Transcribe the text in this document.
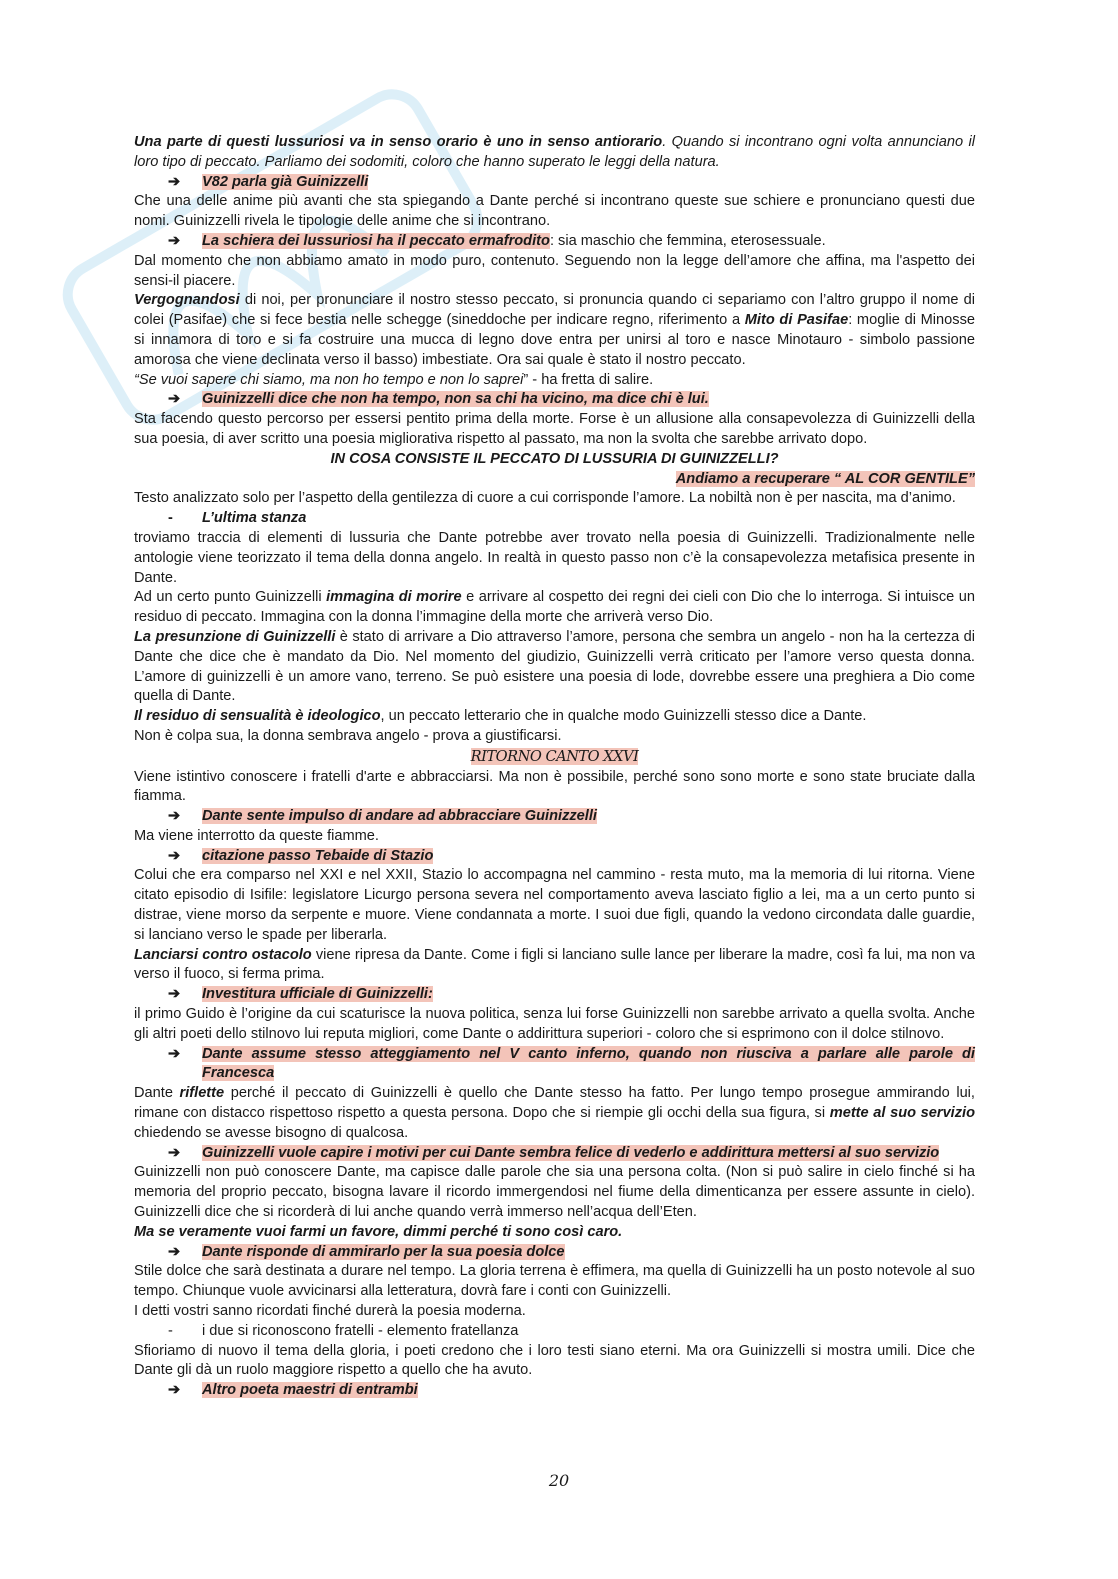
Una parte di questi lussuriosi va in senso orario è uno in senso antiorario. Quando si incontrano ogni volta annunciano il loro tipo di peccato. Parliamo dei sodomiti, coloro che hanno superato le leggi della natura.

➔	V82 parla già Guinizzelli

Che una delle anime più avanti che sta spiegando a Dante perché si incontrano queste sue schiere e pronunciano questi due nomi. Guinizzelli rivela le tipologie delle anime che si incontrano.

➔	La schiera dei lussuriosi ha il peccato ermafrodito: sia maschio che femmina, eterosessuale.

Dal momento che non abbiamo amato in modo puro, contenuto. Seguendo non la legge dell’amore che affina, ma l'aspetto dei sensi-il piacere.

Vergognandosi di noi, per pronunciare il nostro stesso peccato, si pronuncia quando ci separiamo con l’altro gruppo il nome di colei (Pasifae) che si fece bestia nelle schegge (sineddoche per indicare regno, riferimento a Mito di Pasifae: moglie di Minosse si innamora di toro e si fa costruire una mucca di legno dove entra per unirsi al toro e nasce Minotauro - simbolo passione amorosa che viene declinata verso il basso) imbestiate. Ora sai quale è stato il nostro peccato.

“Se vuoi sapere chi siamo, ma non ho tempo e non lo saprei” - ha fretta di salire.

➔	Guinizzelli dice che non ha tempo, non sa chi ha vicino, ma dice chi è lui.

Sta facendo questo percorso per essersi pentito prima della morte. Forse è un allusione alla consapevolezza di Guinizzelli della sua poesia, di aver scritto una poesia migliorativa rispetto al passato, ma non la svolta che sarebbe arrivato dopo.

IN COSA CONSISTE IL PECCATO DI LUSSURIA DI GUINIZZELLI?

Andiamo a recuperare “ AL COR GENTILE”

Testo analizzato solo per l’aspetto della gentilezza di cuore a cui corrisponde l’amore. La nobiltà non è per nascita, ma d’animo.

-	L’ultima stanza

troviamo traccia di elementi di lussuria che Dante potrebbe aver trovato nella poesia di Guinizzelli. Tradizionalmente nelle antologie viene teorizzato il tema della donna angelo. In realtà in questo passo non c’è la consapevolezza metafisica presente in Dante.

Ad un certo punto Guinizzelli immagina di morire e arrivare al cospetto dei regni dei cieli con Dio che lo interroga. Si intuisce un residuo di peccato. Immagina con la donna l’immagine della morte che arriverà verso Dio.

La presunzione di Guinizzelli è stato di arrivare a Dio attraverso l’amore, persona che sembra un angelo - non ha la certezza di Dante che dice che è mandato da Dio. Nel momento del giudizio, Guinizzelli verrà criticato per l’amore verso questa donna. L’amore di guinizzelli è un amore vano, terreno. Se può esistere una poesia di lode, dovrebbe essere una preghiera a Dio come quella di Dante.

Il residuo di sensualità è ideologico, un peccato letterario che in qualche modo Guinizzelli stesso dice a Dante.

Non è colpa sua, la donna sembrava angelo - prova a giustificarsi.

RITORNO CANTO XXVI

Viene istintivo conoscere i fratelli d'arte e abbracciarsi. Ma non è possibile, perché sono sono morte e sono state bruciate dalla fiamma.

➔	Dante sente impulso di andare ad abbracciare Guinizzelli

Ma viene interrotto da queste fiamme.

➔	citazione passo Tebaide di Stazio

Colui che era comparso nel XXI e nel XXII, Stazio lo accompagna nel cammino - resta muto, ma la memoria di lui ritorna. Viene citato episodio di Isifile: legislatore Licurgo persona severa nel comportamento aveva lasciato figlio a lei, ma a un certo punto si distrae, viene morso da serpente e muore. Viene condannata a morte. I suoi due figli, quando la vedono circondata dalle guardie, si lanciano verso le spade per liberarla.

Lanciarsi contro ostacolo viene ripresa da Dante. Come i figli si lanciano sulle lance per liberare la madre, così fa lui, ma non va verso il fuoco, si ferma prima.

➔	Investitura ufficiale di Guinizzelli:

il primo Guido è l’origine da cui scaturisce la nuova politica, senza lui forse Guinizzelli non sarebbe arrivato a quella svolta. Anche gli altri poeti dello stilnovo lui reputa migliori, come Dante o addirittura superiori - coloro che si esprimono con il dolce stilnovo.

➔	Dante assume stesso atteggiamento nel V canto inferno, quando non riusciva a parlare alle parole di Francesca

Dante riflette perché il peccato di Guinizzelli è quello che Dante stesso ha fatto. Per lungo tempo prosegue ammirando lui, rimane con distacco rispettoso rispetto a questa persona. Dopo che si riempie gli occhi della sua figura, si mette al suo servizio chiedendo se avesse bisogno di qualcosa.

➔	Guinizzelli vuole capire i motivi per cui Dante sembra felice di vederlo e addirittura mettersi al suo servizio

Guinizzelli non può conoscere Dante, ma capisce dalle parole che sia una persona colta. (Non si può salire in cielo finché si ha memoria del proprio peccato, bisogna lavare il ricordo immergendosi nel fiume della dimenticanza per essere assunte in cielo). Guinizzelli dice che si ricorderà di lui anche quando verrà immerso nell’acqua dell’Eten.

Ma se veramente vuoi farmi un favore, dimmi perché ti sono così caro.

➔	Dante risponde di ammirarlo per la sua poesia dolce

Stile dolce che sarà destinata a durare nel tempo. La gloria terrena è effimera, ma quella di Guinizzelli ha un posto notevole al suo tempo. Chiunque vuole avvicinarsi alla letteratura, dovrà fare i conti con Guinizzelli.

I detti vostri sanno ricordati finché durerà la poesia moderna.

-	i due si riconoscono fratelli - elemento fratellanza

Sfioriamo di nuovo il tema della gloria, i poeti credono che i loro testi siano eterni. Ma ora Guinizzelli si mostra umili. Dice che Dante gli dà un ruolo maggiore rispetto a quello che ha avuto.

➔	Altro poeta maestri di entrambi
20
